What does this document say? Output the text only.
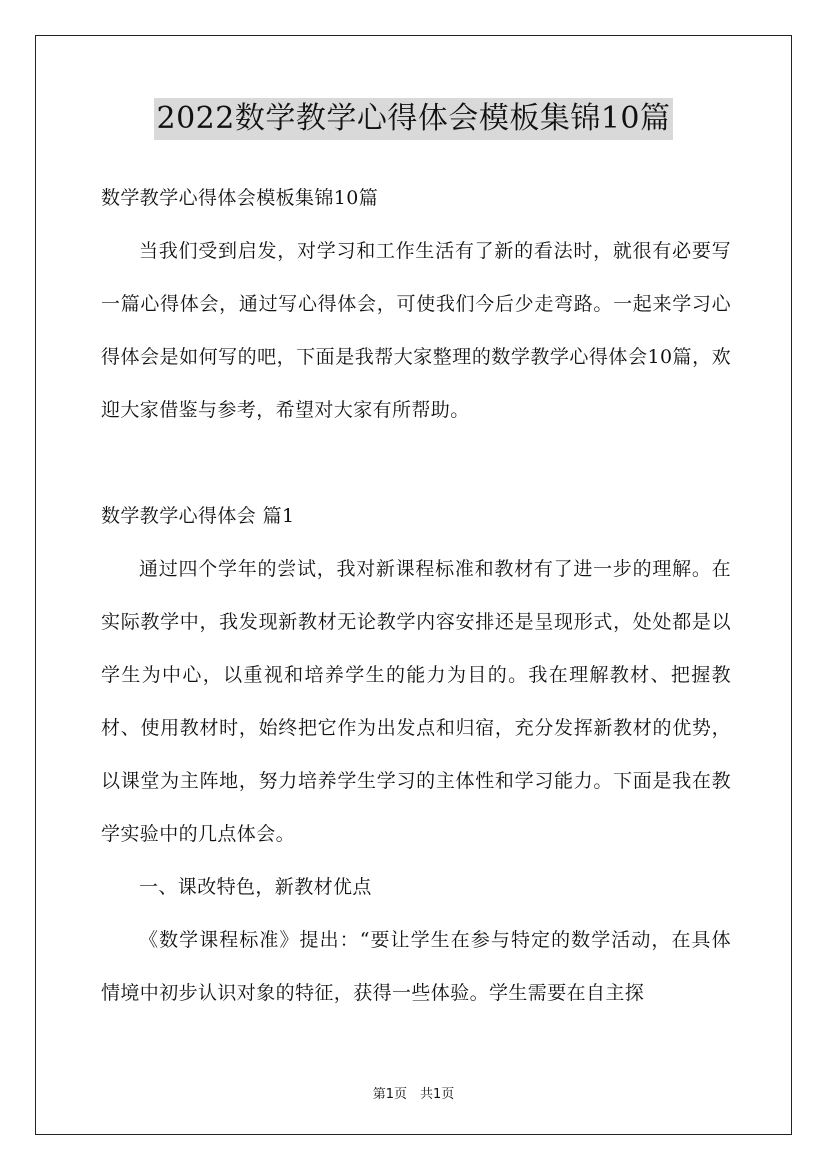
2022数学教学心得体会模板集锦10篇

数学教学心得体会模板集锦10篇

当我们受到启发，对学习和工作生活有了新的看法时，就很有必要写一篇心得体会，通过写心得体会，可使我们今后少走弯路。一起来学习心得体会是如何写的吧，下面是我帮大家整理的数学教学心得体会10篇，欢迎大家借鉴与参考，希望对大家有所帮助。

数学教学心得体会 篇1

通过四个学年的尝试，我对新课程标准和教材有了进一步的理解。在实际教学中，我发现新教材无论教学内容安排还是呈现形式，处处都是以学生为中心，以重视和培养学生的能力为目的。我在理解教材、把握教材、使用教材时，始终把它作为出发点和归宿，充分发挥新教材的优势，以课堂为主阵地，努力培养学生学习的主体性和学习能力。下面是我在教学实验中的几点体会。

一、课改特色，新教材优点

《数学课程标准》提出：“要让学生在参与特定的数学活动，在具体情境中初步认识对象的特征，获得一些体验。学生需要在自主探

第1页　共1页
